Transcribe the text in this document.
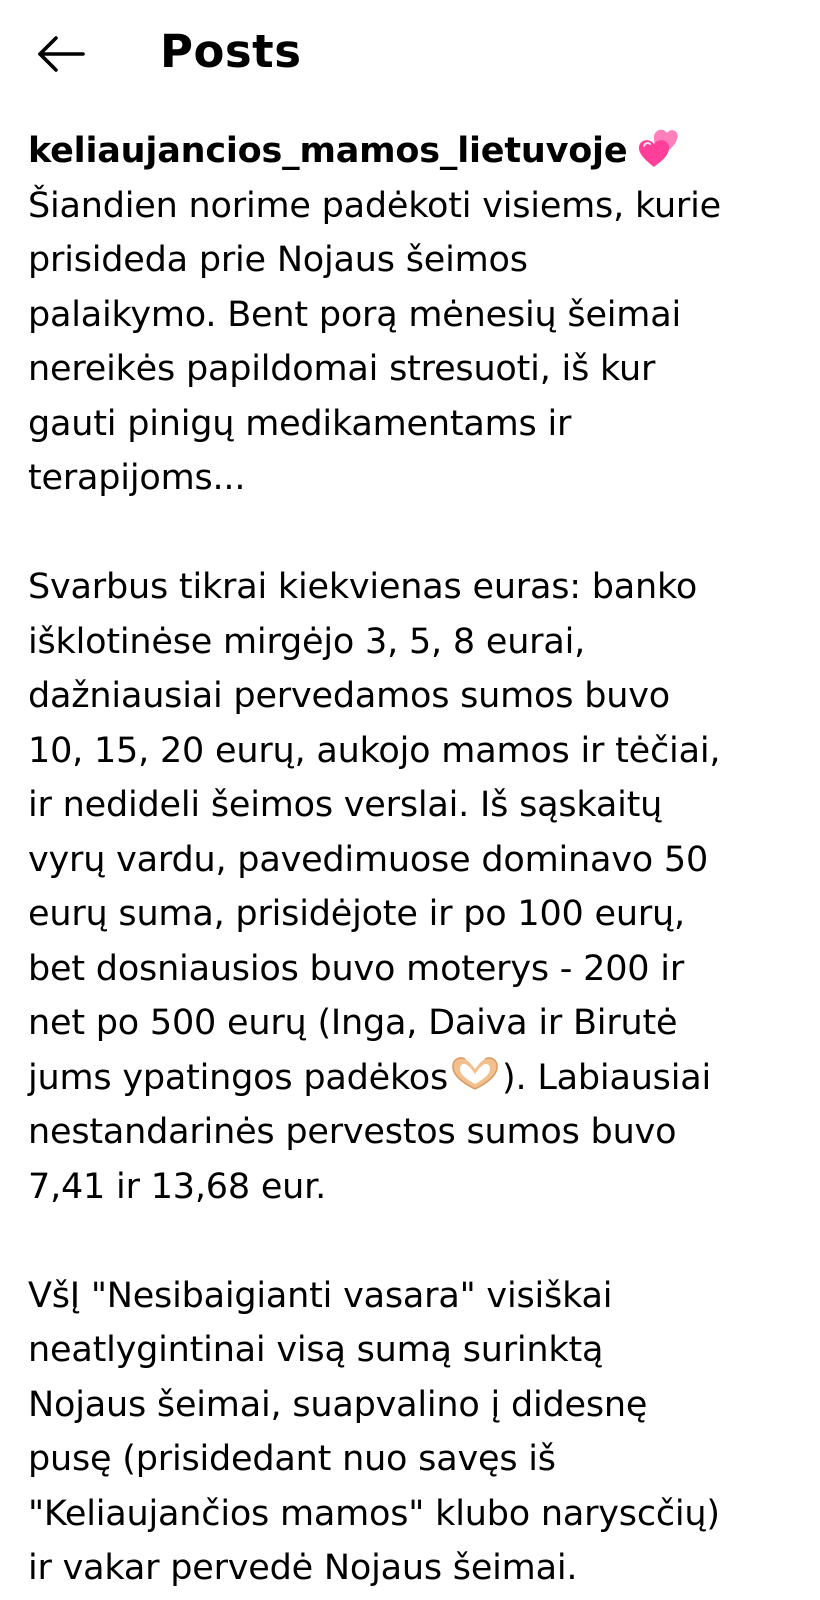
Posts
keliaujancios_mamos_lietuvoje
Šiandien norime padėkoti visiems, kurie
prisideda prie Nojaus šeimos
palaikymo. Bent porą mėnesių šeimai
nereikės papildomai stresuoti, iš kur
gauti pinigų medikamentams ir
terapijoms...
Svarbus tikrai kiekvienas euras: banko
išklotinėse mirgėjo 3, 5, 8 eurai,
dažniausiai pervedamos sumos buvo
10, 15, 20 eurų, aukojo mamos ir tėčiai,
ir nedideli šeimos verslai. Iš sąskaitų
vyrų vardu, pavedimuose dominavo 50
eurų suma, prisidėjote ir po 100 eurų,
bet dosniausios buvo moterys - 200 ir
net po 500 eurų (Inga, Daiva ir Birutė
jums ypatingos padėkos ). Labiausiai
nestandarinės pervestos sumos buvo
7,41 ir 13,68 eur.
VšĮ "Nesibaigianti vasara" visiškai
neatlygintinai visą sumą surinktą
Nojaus šeimai, suapvalino į didesnę
pusę (prisidedant nuo savęs iš
"Keliaujančios mamos" klubo naryscčių)
ir vakar pervedė Nojaus šeimai.
